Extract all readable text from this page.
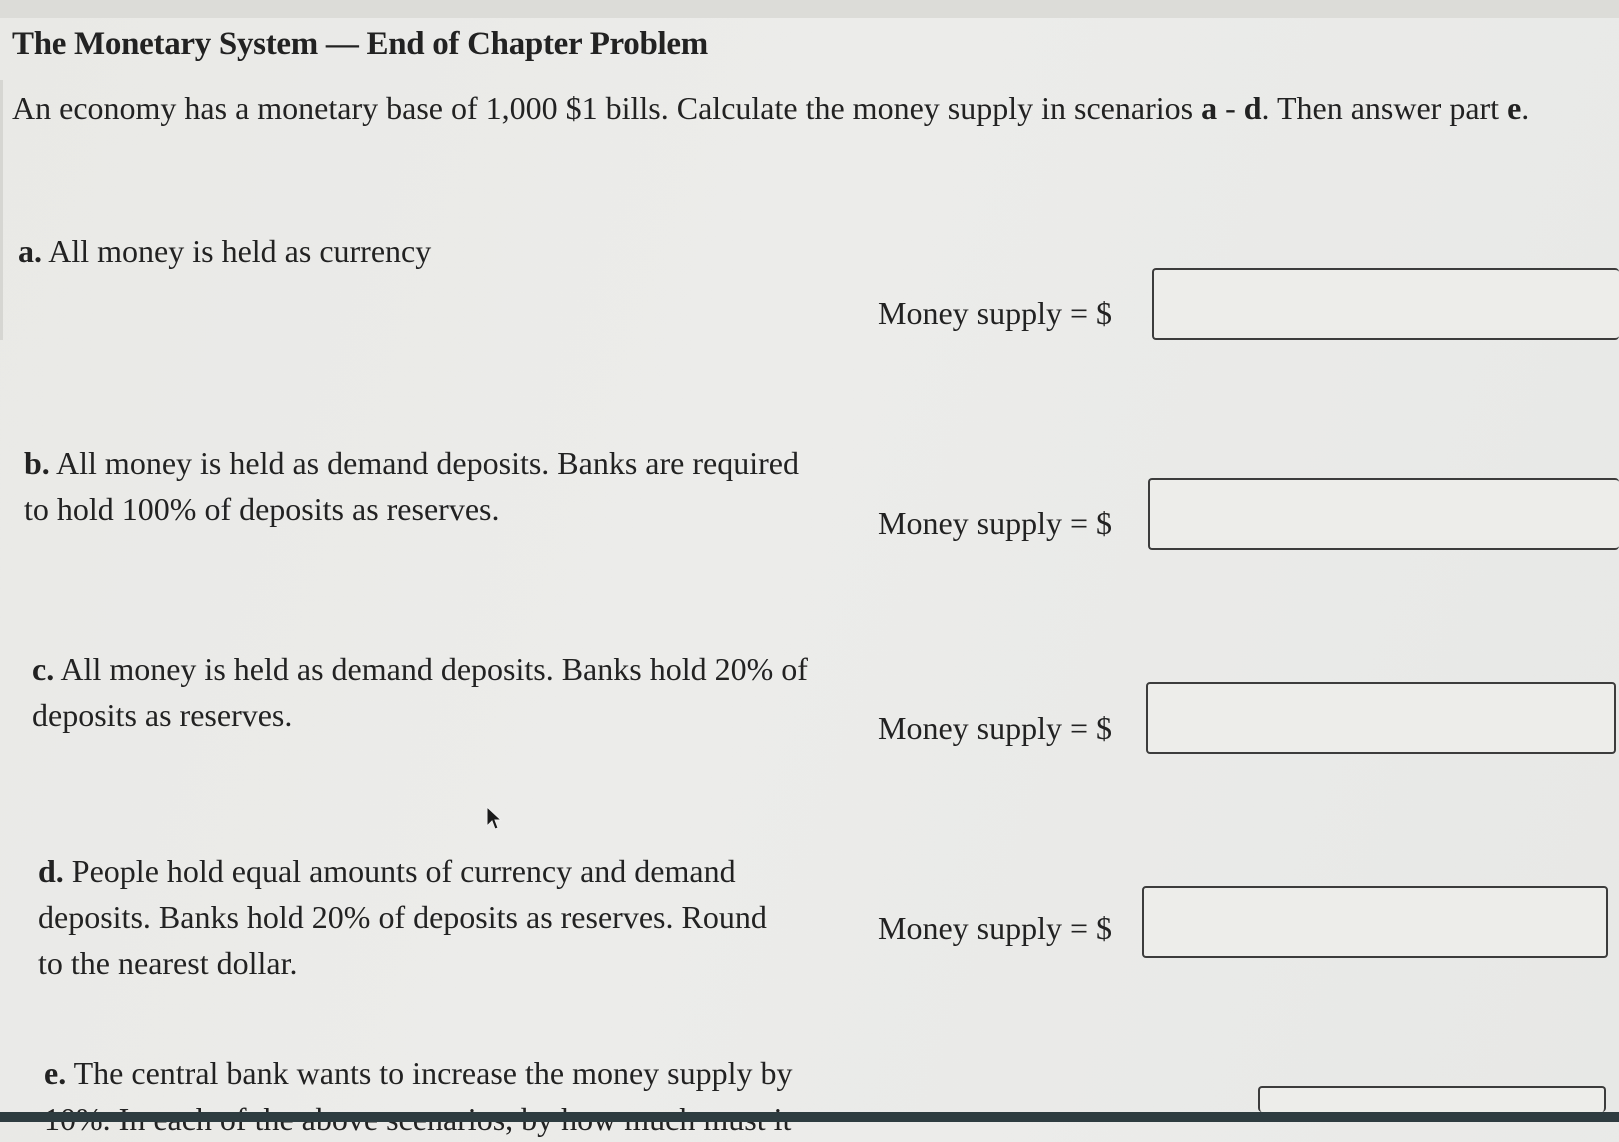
The Monetary System — End of Chapter Problem
An economy has a monetary base of 1,000 $1 bills. Calculate the money supply in scenarios a - d. Then answer part e.
a. All money is held as currency
Money supply = $
b. All money is held as demand deposits. Banks are required to hold 100% of deposits as reserves.	Money supply = $
c. All money is held as demand deposits. Banks hold 20% of deposits as reserves.	Money supply = $
d. People hold equal amounts of currency and demand deposits. Banks hold 20% of deposits as reserves. Round to the nearest dollar.
Money supply = $
e. The central bank wants to increase the money supply by
